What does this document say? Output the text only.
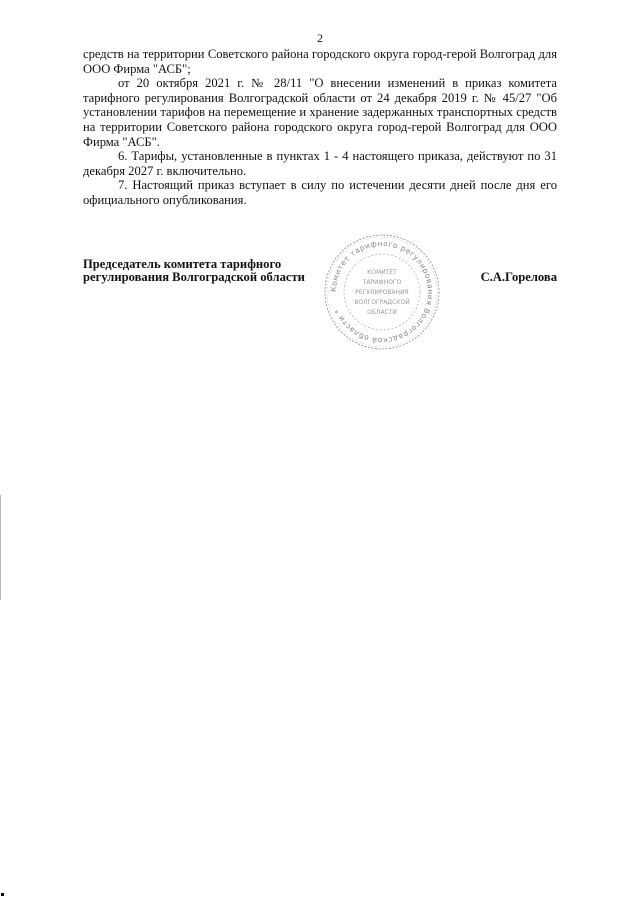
2

средств на территории Советского района городского округа город-герой Волгоград для ООО Фирма "АСБ";

от 20 октября 2021 г. № 28/11 "О внесении изменений в приказ комитета тарифного регулирования Волгоградской области от 24 декабря 2019 г. № 45/27 "Об установлении тарифов на перемещение и хранение задержанных транспортных средств на территории Советского района городского округа город-герой Волгоград для ООО Фирма "АСБ".

6. Тарифы, установленные в пунктах 1 - 4 настоящего приказа, действуют по 31 декабря 2027 г. включительно.

7. Настоящий приказ вступает в силу по истечении десяти дней после дня его официального опубликования.

Председатель комитета тарифного
регулирования Волгоградской области	С.А.Горелова
Комитет тарифного регулирования Волгоградской области *
КОМИТЕТ
ТАРИФНОГО
РЕГУЛИРОВАНИЯ
ВОЛГОГРАДСКОЙ
ОБЛАСТИ
